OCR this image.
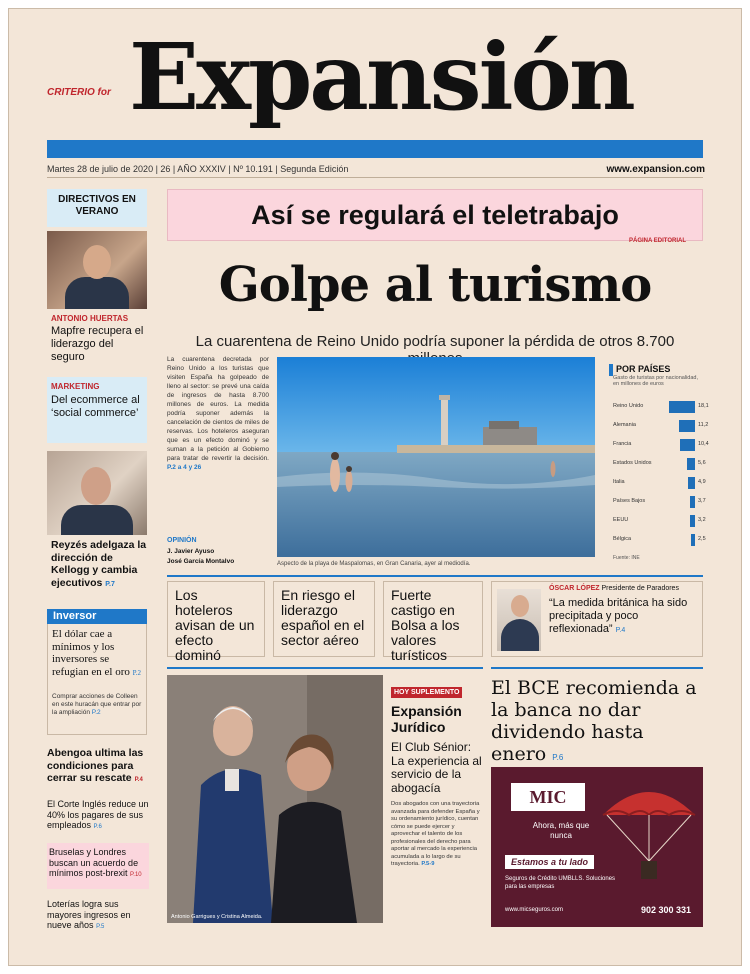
CRITERIO for Expansión
Martes 28 de julio de 2020 | 26 | AÑO XXXIV | Nº 10.191 | Segunda Edición	www.expansion.com
DIRECTIVOS EN VERANO
ANTONIO HUERTAS
Mapfre recupera el liderazgo del seguro
MARKETING
Del ecommerce al ‘social commerce’
Reyzés adelgaza la dirección de Kellogg y cambia ejecutivos P.7
Inversor
El dólar cae a mínimos y los inversores se refugian en el oro P.2
Comprar acciones de Colleen en este huracán que entrar por la ampliación P.2
Abengoa ultima las condiciones para cerrar su rescate P.4
El Corte Inglés reduce un 40% los pagares de sus empleados P.6
Bruselas y Londres buscan un acuerdo de mínimos post-brexit P.10
Loterías logra sus mayores ingresos en nueve años P.5
Así se regulará el teletrabajo
PÁGINA EDITORIAL
Golpe al turismo
La cuarentena de Reino Unido podría suponer la pérdida de otros 8.700
La cuarentena decretada por Reino Unido a los turistas que visiten España ha golpeado de lleno al sector: se prevé una caída de ingresos de hasta 8.700 millones de euros. La medida podría suponer además la cancelación de cientos de miles de reservas. Los hoteleros aseguran que es un efecto dominó y se suman a la petición al Gobierno para tratar de revertir la decisión. P.2 a 4 y 26
OPINIÓN
J. Javier Ayuso
José García Montalvo	Aspecto de la playa de Maspalomas, en Gran Canaria, ayer al mediodía.
POR PAÍSES
Gasto de turistas por nacionalidad, en millones de euros
Fuente: INE
Los hoteleros avisan de un efecto dominó
En riesgo el liderazgo español en el sector aéreo
Fuerte castigo en Bolsa a los valores turísticos
ÓSCAR LÓPEZ Presidente de Paradores
“La medida británica ha sido precipitada y poco reflexionada” P.4
Antonio Garrigues y Cristina Almeida.
HOY SUPLEMENTO
Expansión Jurídico
El Club Sénior: La experiencia al servicio de la abogacía
Dos abogados con una trayectoria avanzada para defender España y su ordenamiento jurídico, cuentan cómo se puede ejercer y aprovechar el talento de los profesionales del derecho para aportar al mercado la experiencia acumulada a lo largo de su trayectoria. P.5-9
El BCE recomienda a la banca no dar dividendo hasta enero P.6
MIC
Ahora, más que nunca
Estamos a tu lado
Seguros de Crédito UMBLLS. Soluciones para las empresas
www.micseguros.com	902 300 331
Reino Unido	18,1
Alemania	11,2
Francia	10,4
Estados Unidos	5,6
Italia	4,9
Países Bajos	3,7
EEUU	3,2
Bélgica	2,5
